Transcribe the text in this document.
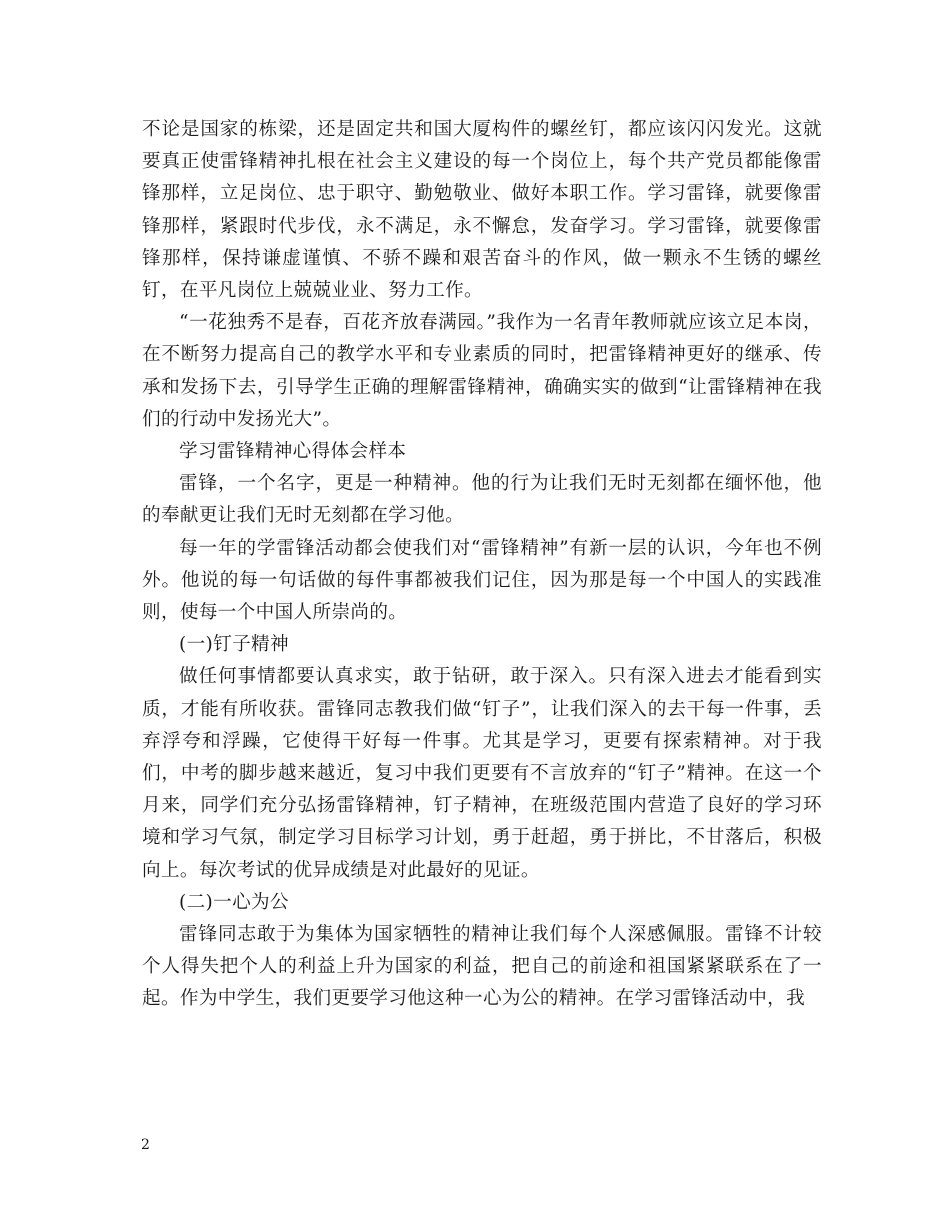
不论是国家的栋梁，还是固定共和国大厦构件的螺丝钉，都应该闪闪发光。这就要真正使雷锋精神扎根在社会主义建设的每一个岗位上，每个共产党员都能像雷锋那样，立足岗位、忠于职守、勤勉敬业、做好本职工作。学习雷锋，就要像雷锋那样，紧跟时代步伐，永不满足，永不懈怠，发奋学习。学习雷锋，就要像雷锋那样，保持谦虚谨慎、不骄不躁和艰苦奋斗的作风，做一颗永不生锈的螺丝钉，在平凡岗位上兢兢业业、努力工作。

“一花独秀不是春，百花齐放春满园。”我作为一名青年教师就应该立足本岗，在不断努力提高自己的教学水平和专业素质的同时，把雷锋精神更好的继承、传承和发扬下去，引导学生正确的理解雷锋精神，确确实实的做到“让雷锋精神在我们的行动中发扬光大”。

学习雷锋精神心得体会样本

雷锋，一个名字，更是一种精神。他的行为让我们无时无刻都在缅怀他，他的奉献更让我们无时无刻都在学习他。

每一年的学雷锋活动都会使我们对“雷锋精神”有新一层的认识，今年也不例外。他说的每一句话做的每件事都被我们记住，因为那是每一个中国人的实践准则，使每一个中国人所崇尚的。

(一)钉子精神

做任何事情都要认真求实，敢于钻研，敢于深入。只有深入进去才能看到实质，才能有所收获。雷锋同志教我们做“钉子”，让我们深入的去干每一件事，丢弃浮夸和浮躁，它使得干好每一件事。尤其是学习，更要有探索精神。对于我们，中考的脚步越来越近，复习中我们更要有不言放弃的“钉子”精神。在这一个月来，同学们充分弘扬雷锋精神，钉子精神，在班级范围内营造了良好的学习环境和学习气氛，制定学习目标学习计划，勇于赶超，勇于拼比，不甘落后，积极向上。每次考试的优异成绩是对此最好的见证。

(二)一心为公

雷锋同志敢于为集体为国家牺牲的精神让我们每个人深感佩服。雷锋不计较个人得失把个人的利益上升为国家的利益，把自己的前途和祖国紧紧联系在了一起。作为中学生，我们更要学习他这种一心为公的精神。在学习雷锋活动中，我

2
